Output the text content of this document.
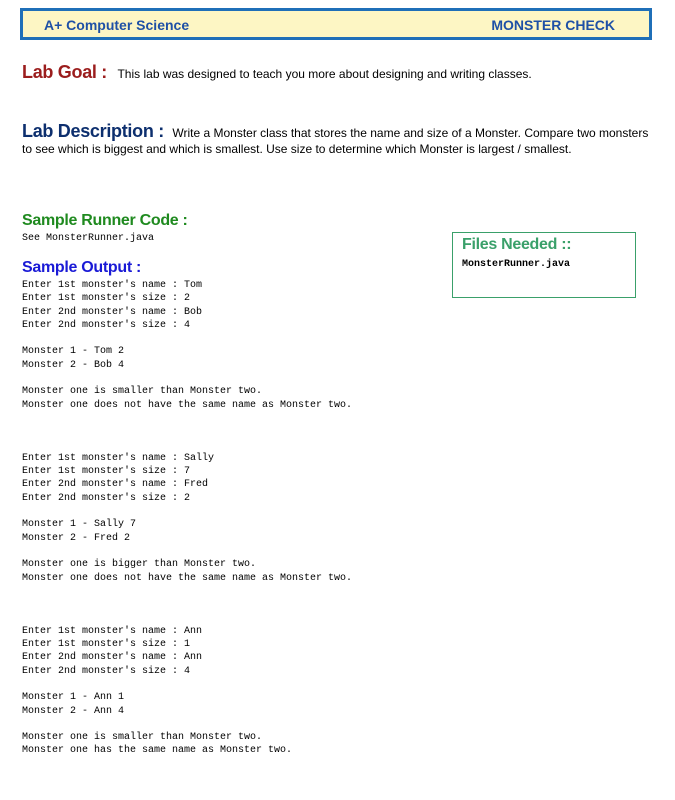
A+ Computer Science	MONSTER CHECK
Lab Goal : This lab was designed to teach you more about designing and writing classes.
Lab Description : Write a Monster class that stores the name and size of a Monster. Compare two monsters to see which is biggest and which is smallest. Use size to determine which Monster is largest / smallest.
Sample Runner Code :
See MonsterRunner.java
Sample Output :
Files Needed ::
MonsterRunner.java
Enter 1st monster's name : Tom
Enter 1st monster's size : 2
Enter 2nd monster's name : Bob
Enter 2nd monster's size : 4
Monster 1 - Tom 2
Monster 2 - Bob 4
Monster one is smaller than Monster two.
Monster one does not have the same name as Monster two.
Enter 1st monster's name : Sally
Enter 1st monster's size : 7
Enter 2nd monster's name : Fred
Enter 2nd monster's size : 2
Monster 1 - Sally 7
Monster 2 - Fred 2
Monster one is bigger than Monster two.
Monster one does not have the same name as Monster two.
Enter 1st monster's name : Ann
Enter 1st monster's size : 1
Enter 2nd monster's name : Ann
Enter 2nd monster's size : 4
Monster 1 - Ann 1
Monster 2 - Ann 4
Monster one is smaller than Monster two.
Monster one has the same name as Monster two.
